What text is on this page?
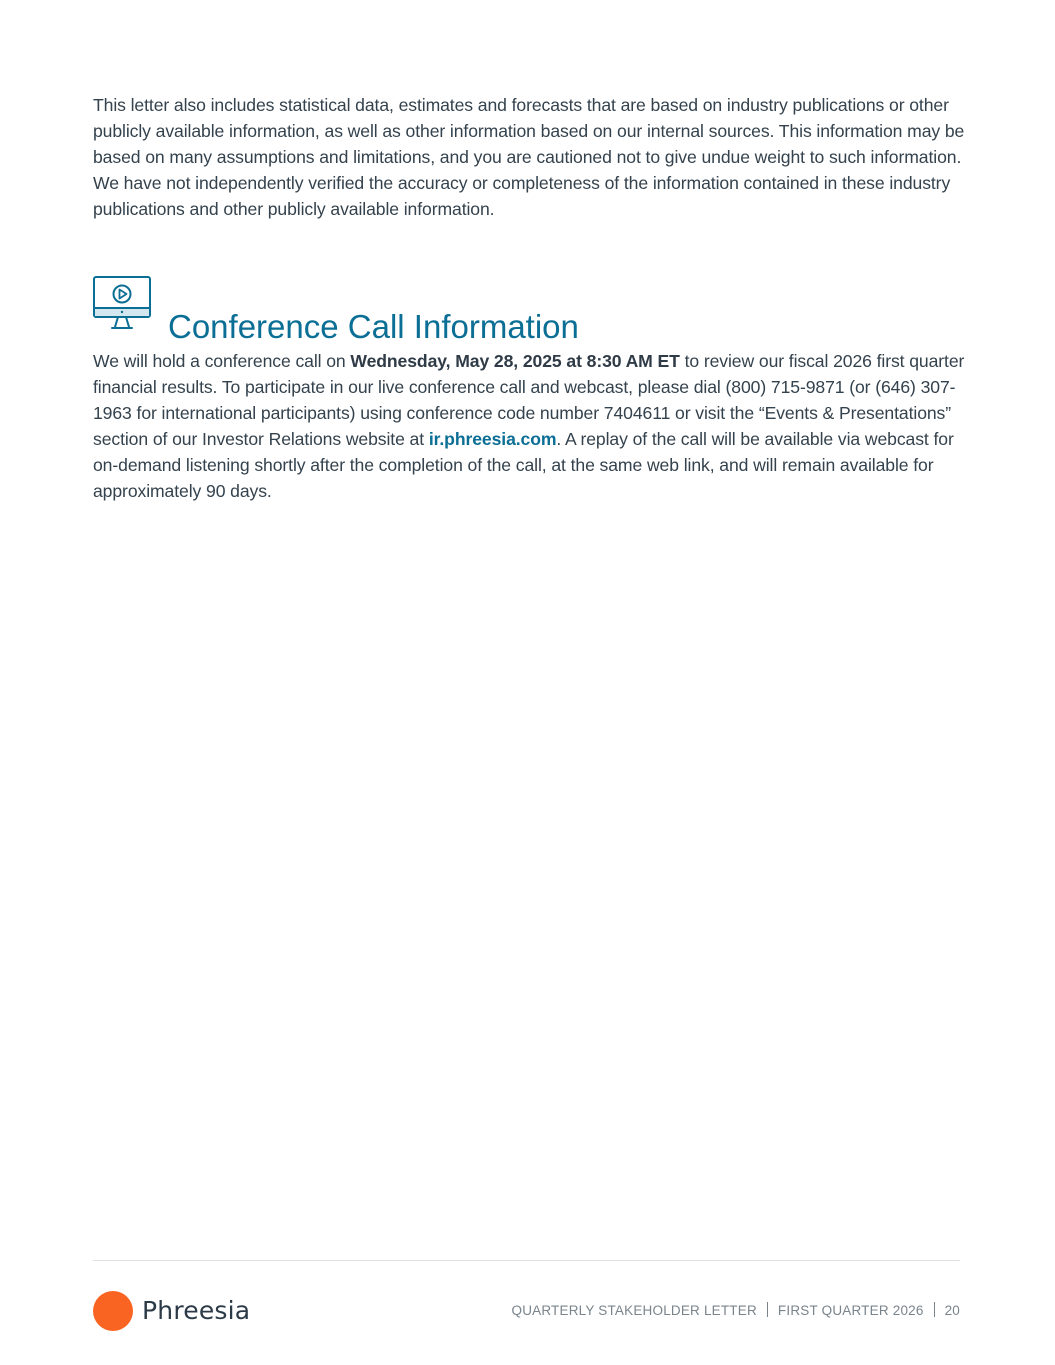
This letter also includes statistical data, estimates and forecasts that are based on industry publications or other publicly available information, as well as other information based on our internal sources. This information may be based on many assumptions and limitations, and you are cautioned not to give undue weight to such information. We have not independently verified the accuracy or completeness of the information contained in these industry publications and other publicly available information.

Conference Call Information

We will hold a conference call on Wednesday, May 28, 2025 at 8:30 AM ET to review our fiscal 2026 first quarter financial results. To participate in our live conference call and webcast, please dial (800) 715-9871 (or (646) 307-1963 for international participants) using conference code number 7404611 or visit the “Events & Presentations” section of our Investor Relations website at ir.phreesia.com. A replay of the call will be available via webcast for on-demand listening shortly after the completion of the call, at the same web link, and will remain available for approximately 90 days.

Phreesia	QUARTERLY STAKEHOLDER LETTER FIRST QUARTER 2026 20
